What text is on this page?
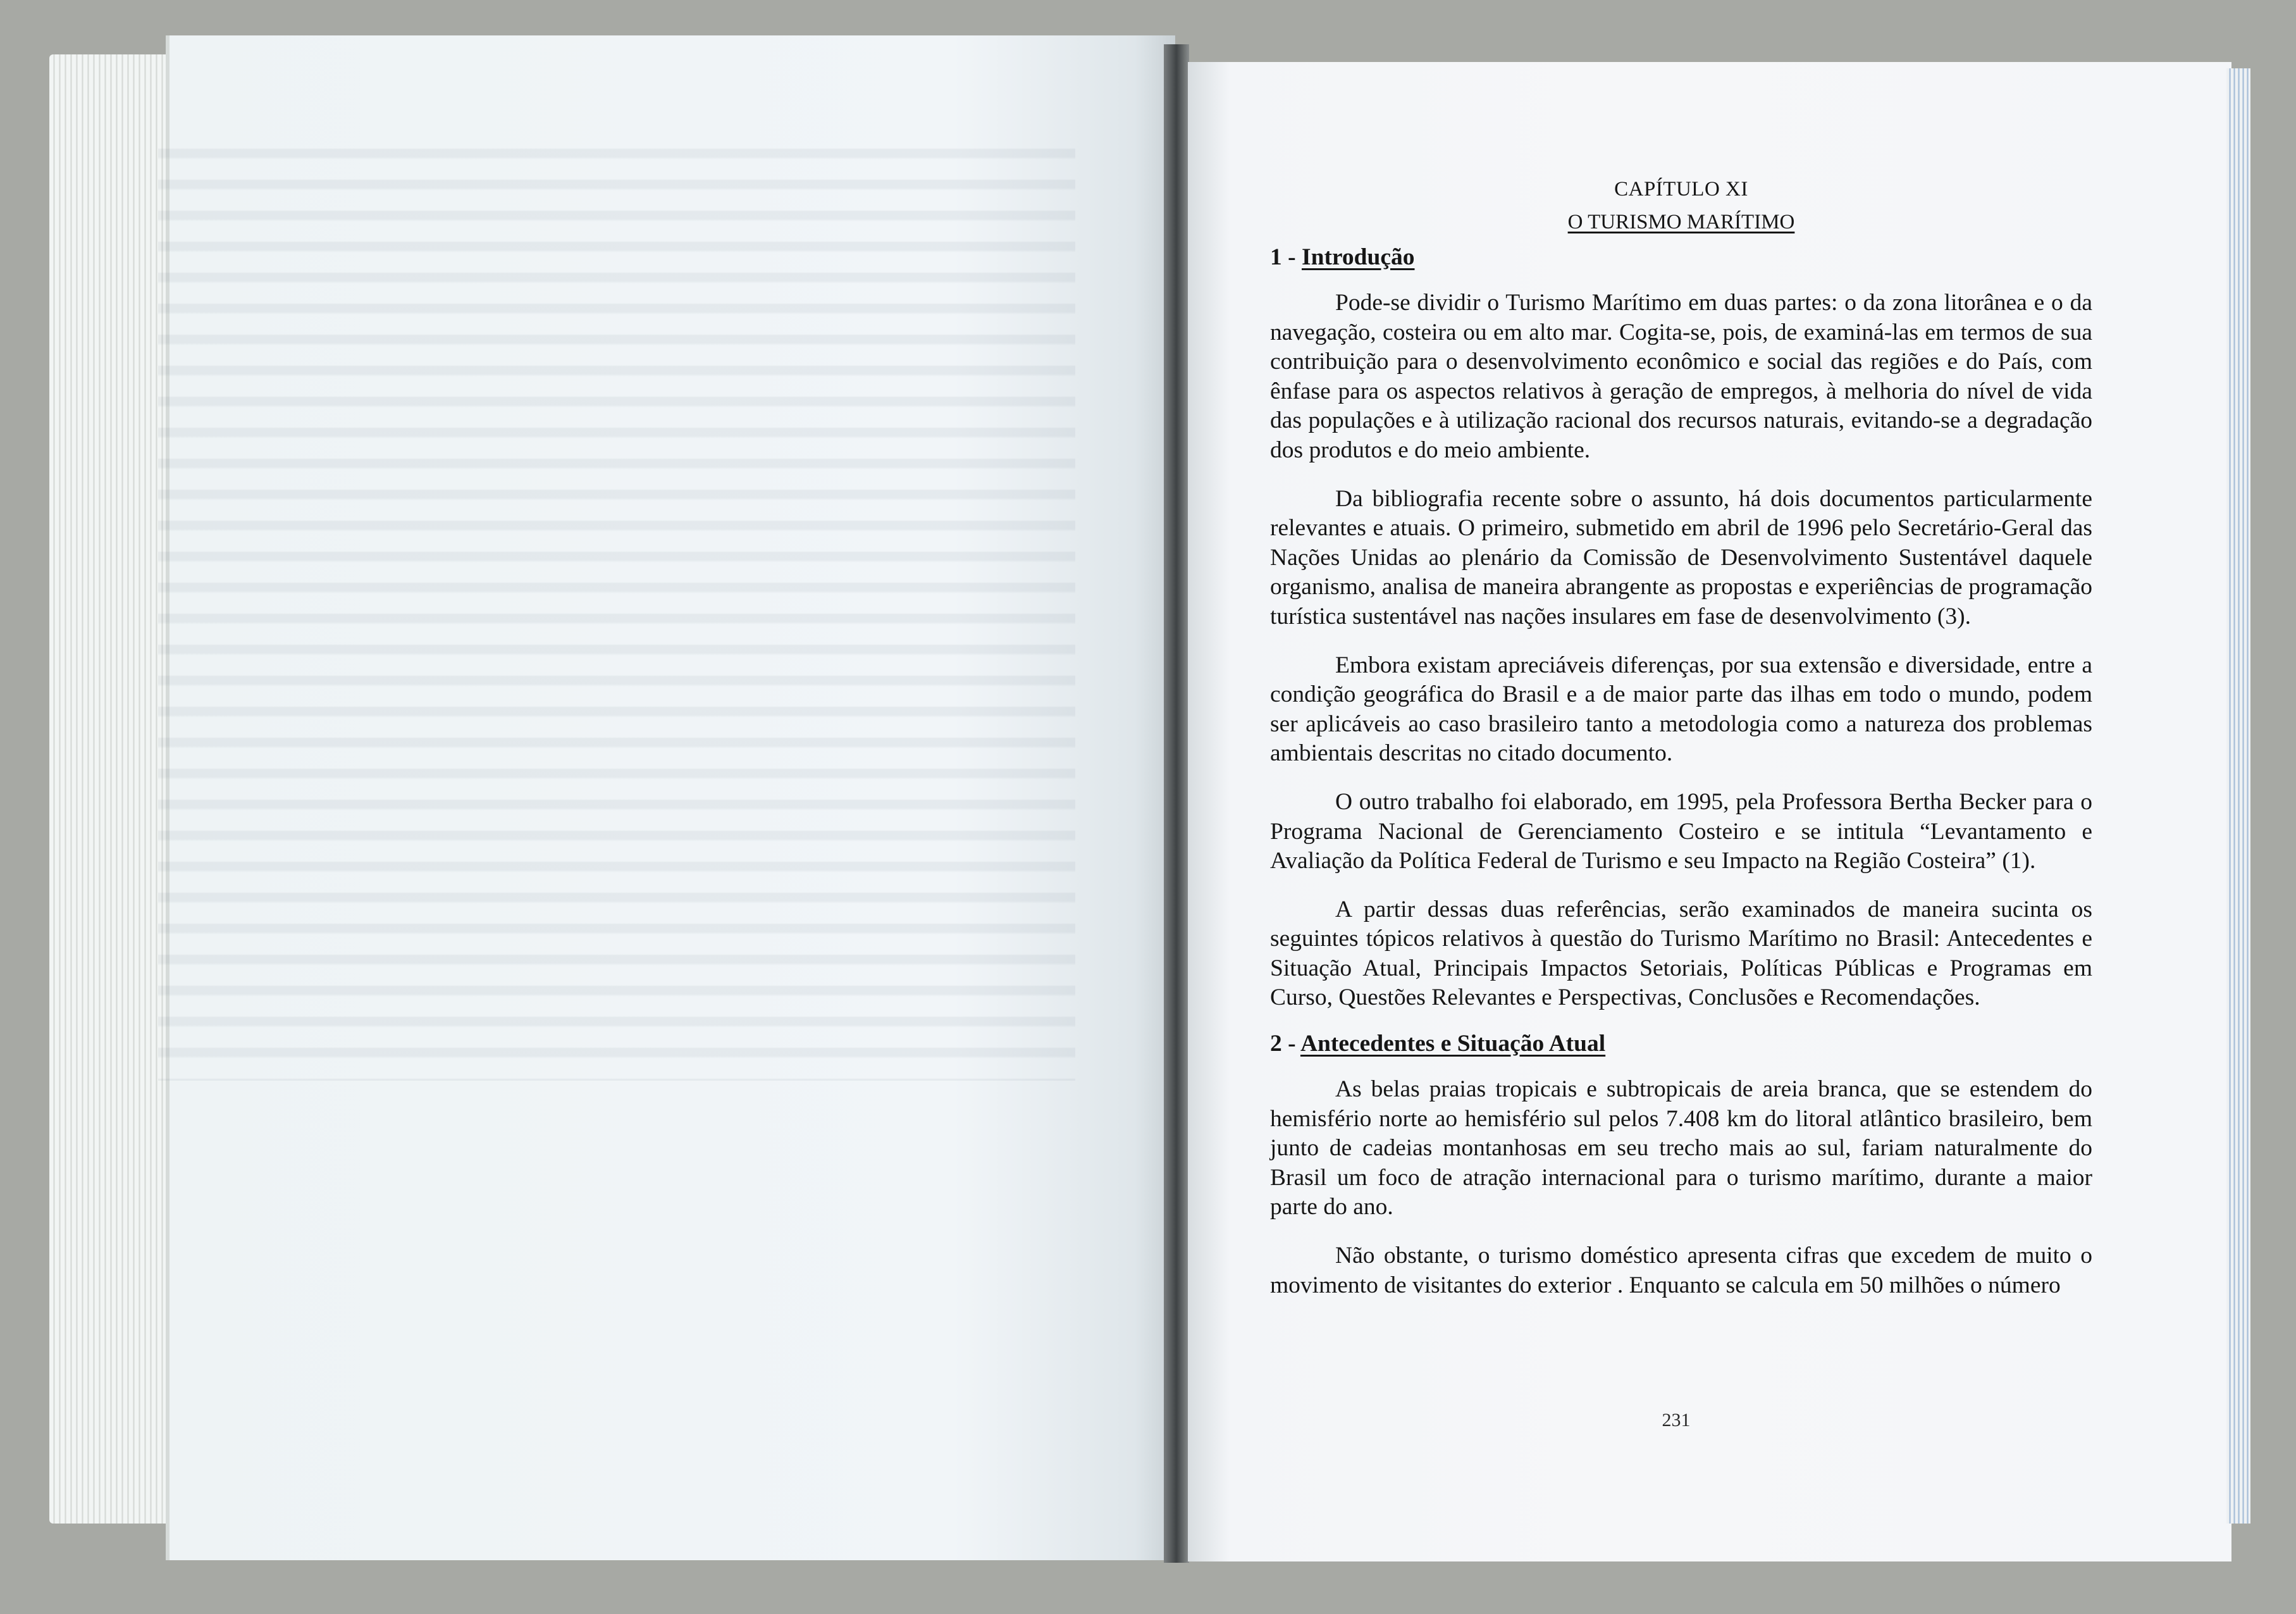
CAPÍTULO XI
O TURISMO MARÍTIMO
1 - Introdução

Pode-se dividir o Turismo Marítimo em duas partes: o da zona litorânea e o da navegação, costeira ou em alto mar. Cogita-se, pois, de examiná-las em termos de sua contribuição para o desenvolvimento econômico e social das regiões e do País, com ênfase para os aspectos relativos à geração de empregos, à melhoria do nível de vida das populações e à utilização racional dos recursos naturais, evitando-se a degradação dos produtos e do meio ambiente.

Da bibliografia recente sobre o assunto, há dois documentos particularmente relevantes e atuais. O primeiro, submetido em abril de 1996 pelo Secretário-Geral das Nações Unidas ao plenário da Comissão de Desenvolvimento Sustentável daquele organismo, analisa de maneira abrangente as propostas e experiências de programação turística sustentável nas nações insulares em fase de desenvolvimento (3).

Embora existam apreciáveis diferenças, por sua extensão e diversidade, entre a condição geográfica do Brasil e a de maior parte das ilhas em todo o mundo, podem ser aplicáveis ao caso brasileiro tanto a metodologia como a natureza dos problemas ambientais descritas no citado documento.

O outro trabalho foi elaborado, em 1995, pela Professora Bertha Becker para o Programa Nacional de Gerenciamento Costeiro e se intitula “Levantamento e Avaliação da Política Federal de Turismo e seu Impacto na Região Costeira” (1).

A partir dessas duas referências, serão examinados de maneira sucinta os seguintes tópicos relativos à questão do Turismo Marítimo no Brasil: Antecedentes e Situação Atual, Principais Impactos Setoriais, Políticas Públicas e Programas em Curso, Questões Relevantes e Perspectivas, Conclusões e Recomendações.

2 - Antecedentes e Situação Atual

As belas praias tropicais e subtropicais de areia branca, que se estendem do hemisfério norte ao hemisfério sul pelos 7.408 km do litoral atlântico brasileiro, bem junto de cadeias montanhosas em seu trecho mais ao sul, fariam naturalmente do Brasil um foco de atração internacional para o turismo marítimo, durante a maior parte do ano.

Não obstante, o turismo doméstico apresenta cifras que excedem de muito o movimento de visitantes do exterior . Enquanto se calcula em 50 milhões o número

231
